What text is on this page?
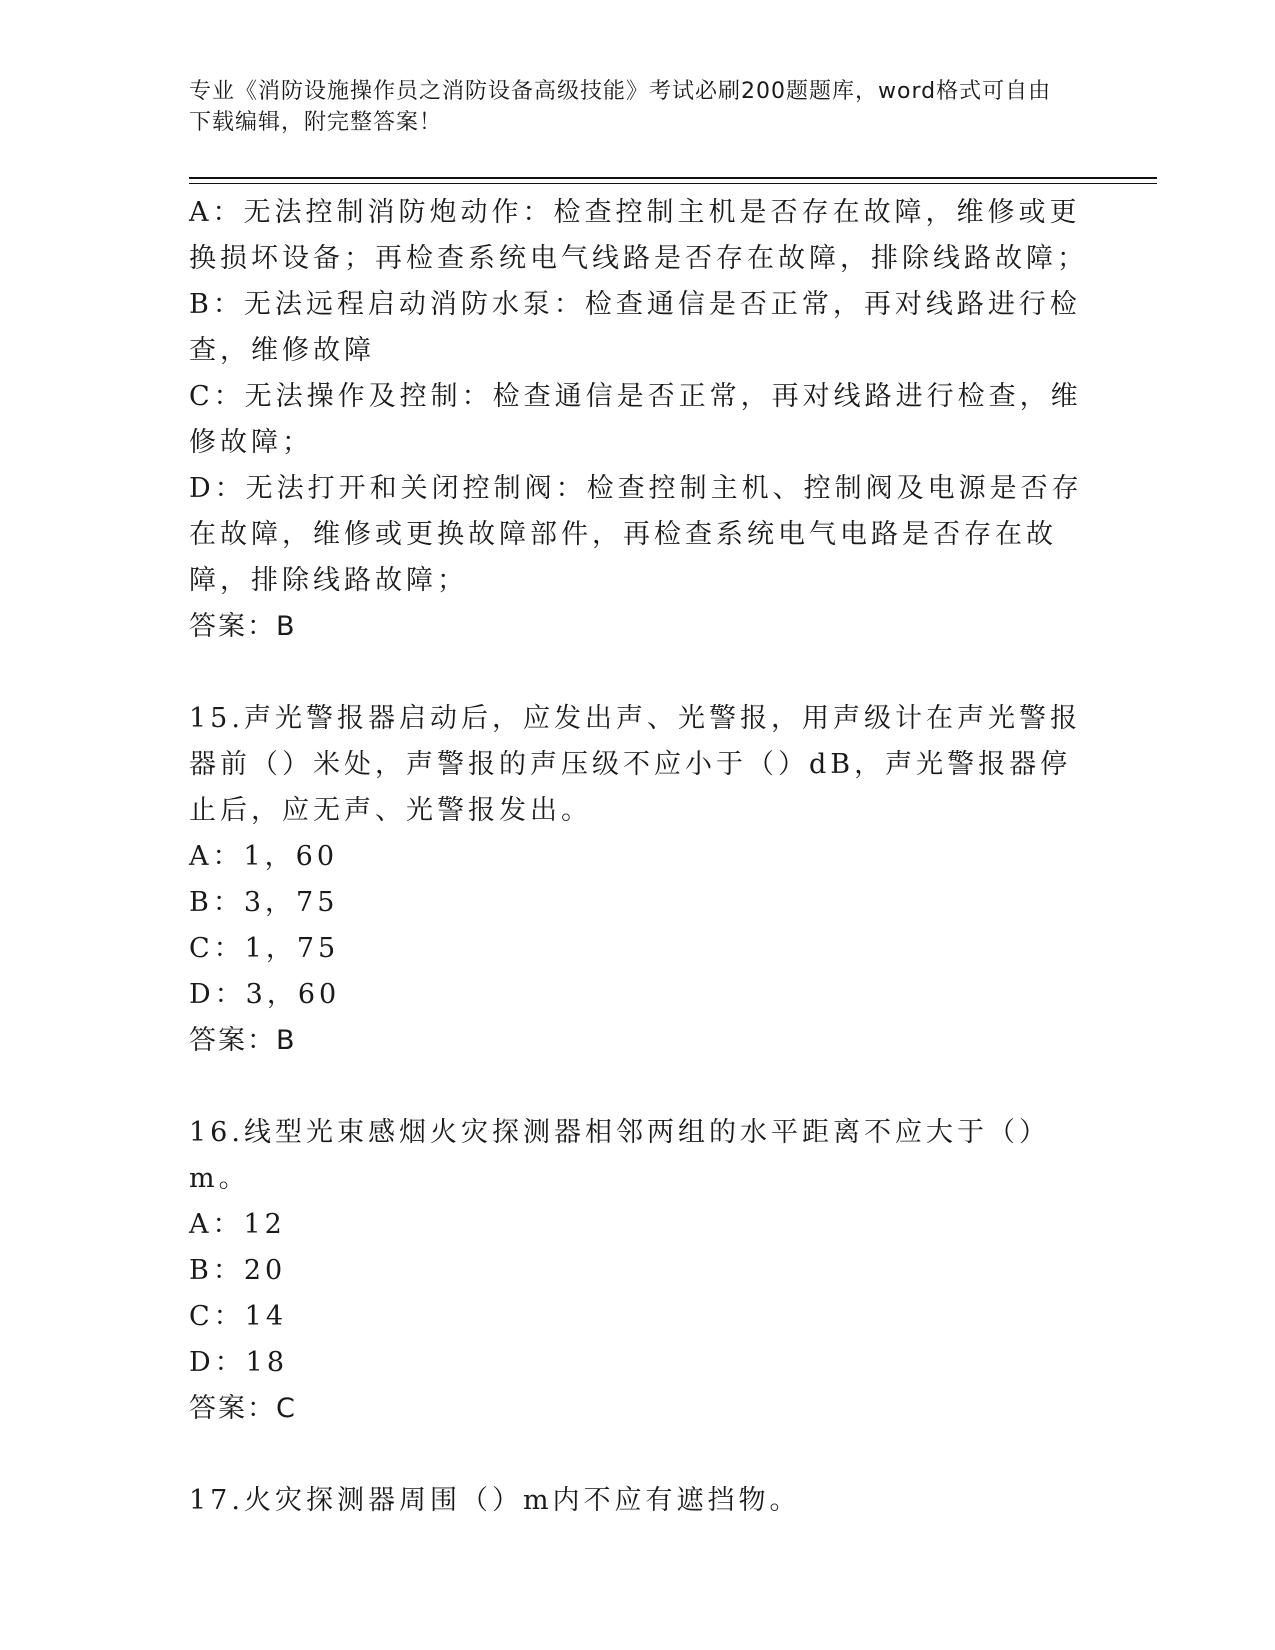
专业《消防设施操作员之消防设备高级技能》考试必刷200题题库，word格式可自由下载编辑，附完整答案！

A：无法控制消防炮动作：检查控制主机是否存在故障，维修或更换损坏设备；再检查系统电气线路是否存在故障，排除线路故障；

B：无法远程启动消防水泵：检查通信是否正常，再对线路进行检查，维修故障

C：无法操作及控制：检查通信是否正常，再对线路进行检查，维修故障；

D：无法打开和关闭控制阀：检查控制主机、控制阀及电源是否存在故障，维修或更换故障部件，再检查系统电气电路是否存在故障，排除线路故障；

答案：B

15.声光警报器启动后，应发出声、光警报，用声级计在声光警报器前（）米处，声警报的声压级不应小于（）dB，声光警报器停止后，应无声、光警报发出。

A：1，60

B：3，75

C：1，75

D：3，60

答案：B

16.线型光束感烟火灾探测器相邻两组的水平距离不应大于（）m。

A：12

B：20

C：14

D：18

答案：C

17.火灾探测器周围（）m内不应有遮挡物。
